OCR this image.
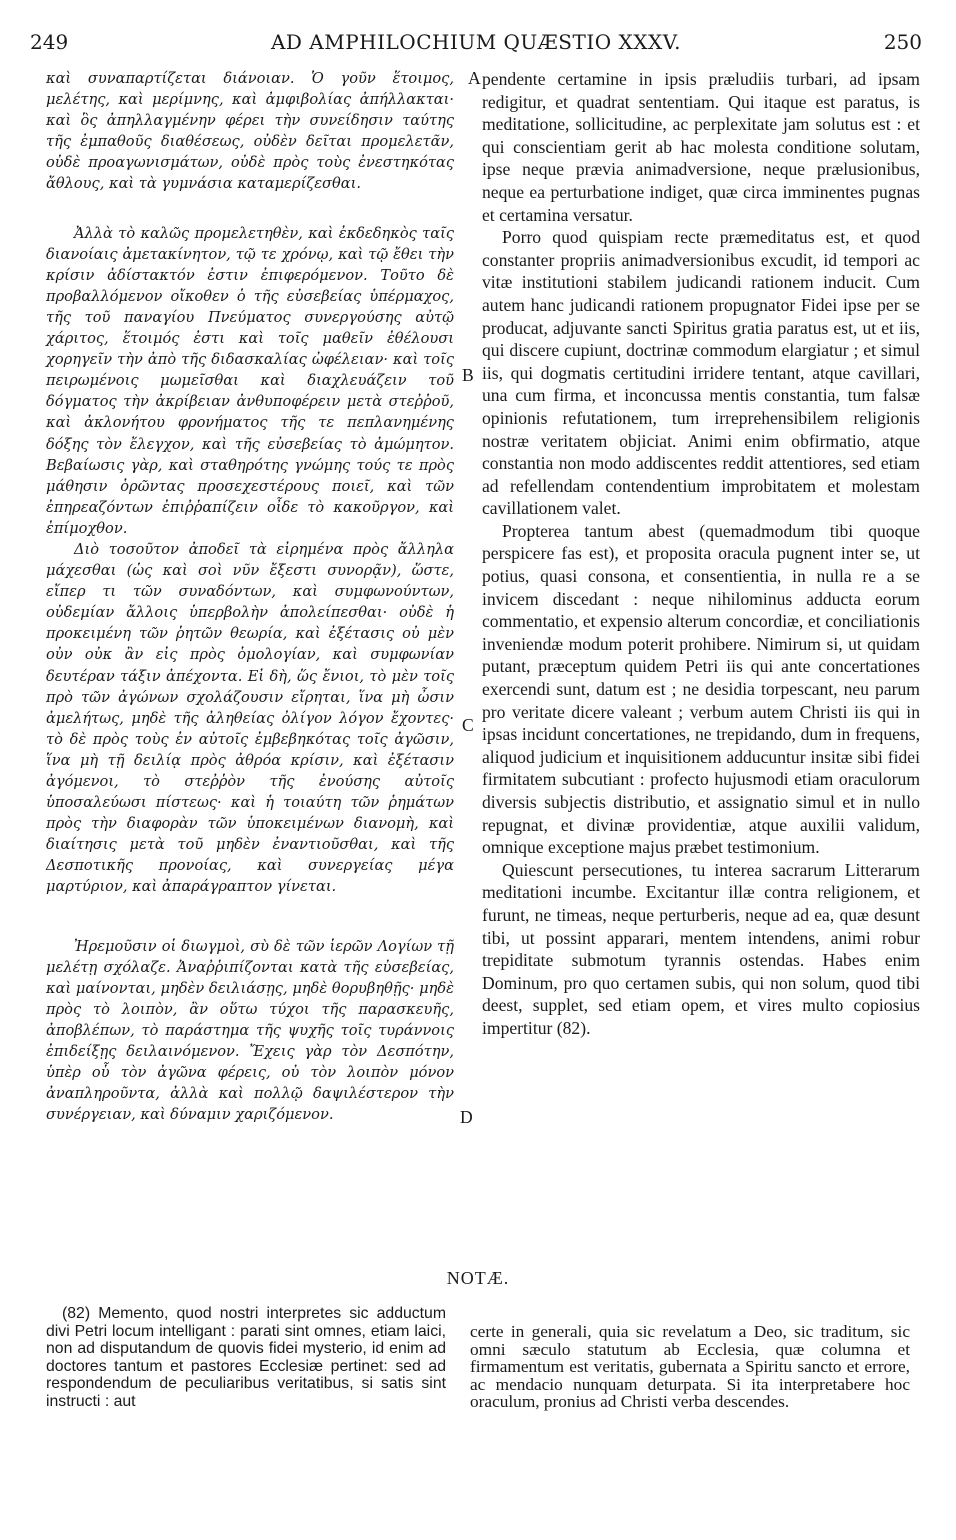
249	AD AMPHILOCHIUM QUÆSTIO XXXV.	250

καὶ συναπαρτίζεται διάνοιαν. Ὁ γοῦν ἕτοιμος, μελέτης, καὶ μερίμνης, καὶ ἀμφιβολίας ἀπήλλακται· καὶ ὃς ἀπηλλαγμένην φέρει τὴν συνείδησιν ταύτης τῆς ἐμπαθοῦς διαθέσεως, οὐδὲν δεῖται προμελετᾶν, οὐδὲ προαγωνισμάτων, οὐδὲ πρὸς τοὺς ἐνεστηκότας ἄθλους, καὶ τὰ γυμνάσια καταμερίζεσθαι.

Ἀλλὰ τὸ καλῶς προμελετηθὲν, καὶ ἐκδεδηκὸς ταῖς διανοίαις ἀμετακίνητον, τῷ τε χρόνῳ, καὶ τῷ ἔθει τὴν κρίσιν ἀδίστακτόν ἐστιν ἐπιφερόμενον. Τοῦτο δὲ προβαλλόμενον οἴκοθεν ὁ τῆς εὐσεβείας ὑπέρμαχος, τῆς τοῦ παναγίου Πνεύματος συνεργούσης αὐτῷ χάριτος, ἕτοιμός ἐστι καὶ τοῖς μαθεῖν ἐθέλουσι χορηγεῖν τὴν ἀπὸ τῆς διδασκαλίας ὠφέλειαν· καὶ τοῖς πειρωμένοις μωμεῖσθαι καὶ διαχλευάζειν τοῦ δόγματος τὴν ἀκρίβειαν ἀνθυποφέρειν μετὰ στεῤῥοῦ, καὶ ἀκλονήτου φρονήματος τῆς τε πεπλανημένης δόξης τὸν ἔλεγχον, καὶ τῆς εὐσεβείας τὸ ἀμώμητον. Βεβαίωσις γὰρ, καὶ σταθηρότης γνώμης τούς τε πρὸς μάθησιν ὁρῶντας προσεχεστέρους ποιεῖ, καὶ τῶν ἐπηρεαζόντων ἐπιῤῥαπίζειν οἶδε τὸ κακοῦργον, καὶ ἐπίμοχθον.

Διὸ τοσοῦτον ἀποδεῖ τὰ εἰρημένα πρὸς ἄλληλα μάχεσθαι (ὡς καὶ σοὶ νῦν ἔξεστι συνορᾷν), ὥστε, εἴπερ τι τῶν συναδόντων, καὶ συμφωνούντων, οὐδεμίαν ἄλλοις ὑπερβολὴν ἀπολείπεσθαι· οὐδὲ ἡ προκειμένη τῶν ῥητῶν θεωρία, καὶ ἐξέτασις οὐ μὲν οὐν οὐκ ἂν εἰς πρὸς ὁμολογίαν, καὶ συμφωνίαν δευτέραν τάξιν ἀπέχοντα. Εἰ δὴ, ὥς ἔνιοι, τὸ μὲν τοῖς πρὸ τῶν ἀγώνων σχολάζουσιν εἴρηται, ἵνα μὴ ὦσιν ἀμελήτως, μηδὲ τῆς ἀληθείας ὀλίγον λόγον ἔχοντες· τὸ δὲ πρὸς τοὺς ἐν αὐτοῖς ἐμβεβηκότας τοῖς ἀγῶσιν, ἵνα μὴ τῇ δειλίᾳ πρὸς ἀθρόα κρίσιν, καὶ ἐξέτασιν ἀγόμενοι, τὸ στεῤῥὸν τῆς ἐνούσης αὐτοῖς ὑποσαλεύωσι πίστεως· καὶ ἡ τοιαύτη τῶν ῥημάτων πρὸς τὴν διαφορὰν τῶν ὑποκειμένων διανομὴ, καὶ διαίτησις μετὰ τοῦ μηδὲν ἐναντιοῦσθαι, καὶ τῆς Δεσποτικῆς προνοίας, καὶ συνεργείας μέγα μαρτύριον, καὶ ἀπαράγραπτον γίνεται.

Ἠρεμοῦσιν οἱ διωγμοὶ, σὺ δὲ τῶν ἱερῶν Λογίων τῇ μελέτῃ σχόλαζε. Ἀναῤῥιπίζονται κατὰ τῆς εὐσεβείας, καὶ μαίνονται, μηδὲν δειλιάσῃς, μηδὲ θορυβηθῇς· μηδὲ πρὸς τὸ λοιπὸν, ἂν οὕτω τύχοι τῆς παρασκευῆς, ἀποβλέπων, τὸ παράστημα τῆς ψυχῆς τοῖς τυράννοις ἐπιδείξῃς δειλαινόμενον. Ἔχεις γὰρ τὸν Δεσπότην, ὑπὲρ οὗ τὸν ἀγῶνα φέρεις, οὐ τὸν λοιπὸν μόνον ἀναπληροῦντα, ἀλλὰ καὶ πολλῷ δαψιλέστερον τὴν συνέργειαν, καὶ δύναμιν χαριζόμενον.

A
B
C
D

pendente certamine in ipsis præludiis turbari, ad ipsam redigitur, et quadrat sententiam. Qui itaque est paratus, is meditatione, sollicitudine, ac perplexitate jam solutus est : et qui conscientiam gerit ab hac molesta conditione solutam, ipse neque prævia animadversione, neque prælusionibus, neque ea perturbatione indiget, quæ circa imminentes pugnas et certamina versatur.

Porro quod quispiam recte præmeditatus est, et quod constanter propriis animadversionibus excudit, id tempori ac vitæ institutioni stabilem judicandi rationem inducit. Cum autem hanc judicandi rationem propugnator Fidei ipse per se producat, adjuvante sancti Spiritus gratia paratus est, ut et iis, qui discere cupiunt, doctrinæ commodum elargiatur ; et simul iis, qui dogmatis certitudini irridere tentant, atque cavillari, una cum firma, et inconcussa mentis constantia, tum falsæ opinionis refutationem, tum irreprehensibilem religionis nostræ veritatem objiciat. Animi enim obfirmatio, atque constantia non modo addiscentes reddit attentiores, sed etiam ad refellendam contendentium improbitatem et molestam cavillationem valet.

Propterea tantum abest (quemadmodum tibi quoque perspicere fas est), et proposita oracula pugnent inter se, ut potius, quasi consona, et consentientia, in nulla re a se invicem discedant : neque nihilominus adducta eorum commentatio, et expensio alterum concordiæ, et conciliationis inveniendæ modum poterit prohibere. Nimirum si, ut quidam putant, præceptum quidem Petri iis qui ante concertationes exercendi sunt, datum est ; ne desidia torpescant, neu parum pro veritate dicere valeant ; verbum autem Christi iis qui in ipsas incidunt concertationes, ne trepidando, dum in frequens, aliquod judicium et inquisitionem adducuntur insitæ sibi fidei firmitatem subcutiant : profecto hujusmodi etiam oraculorum diversis subjectis distributio, et assignatio simul et in nullo repugnat, et divinæ providentiæ, atque auxilii validum, omnique exceptione majus præbet testimonium.

Quiescunt persecutiones, tu interea sacrarum Litterarum meditationi incumbe. Excitantur illæ contra religionem, et furunt, ne timeas, neque perturberis, neque ad ea, quæ desunt tibi, ut possint apparari, mentem intendens, animi robur trepiditate submotum tyrannis ostendas. Habes enim Dominum, pro quo certamen subis, qui non solum, quod tibi deest, supplet, sed etiam opem, et vires multo copiosius impertitur (82).

NOTÆ.
(82) Memento, quod nostri interpretes sic adductum divi Petri locum intelligant : parati sint omnes, etiam laici, non ad disputandum de quovis fidei mysterio, id enim ad doctores tantum et pastores Ecclesiæ pertinet: sed ad respondendum de peculiaribus veritatibus, si satis sint instructi : aut
certe in generali, quia sic revelatum a Deo, sic traditum, sic omni sæculo statutum ab Ecclesia, quæ columna et firmamentum est veritatis, gubernata a Spiritu sancto et errore, ac mendacio nunquam deturpata. Si ita interpretabere hoc oraculum, pronius ad Christi verba descendes.
